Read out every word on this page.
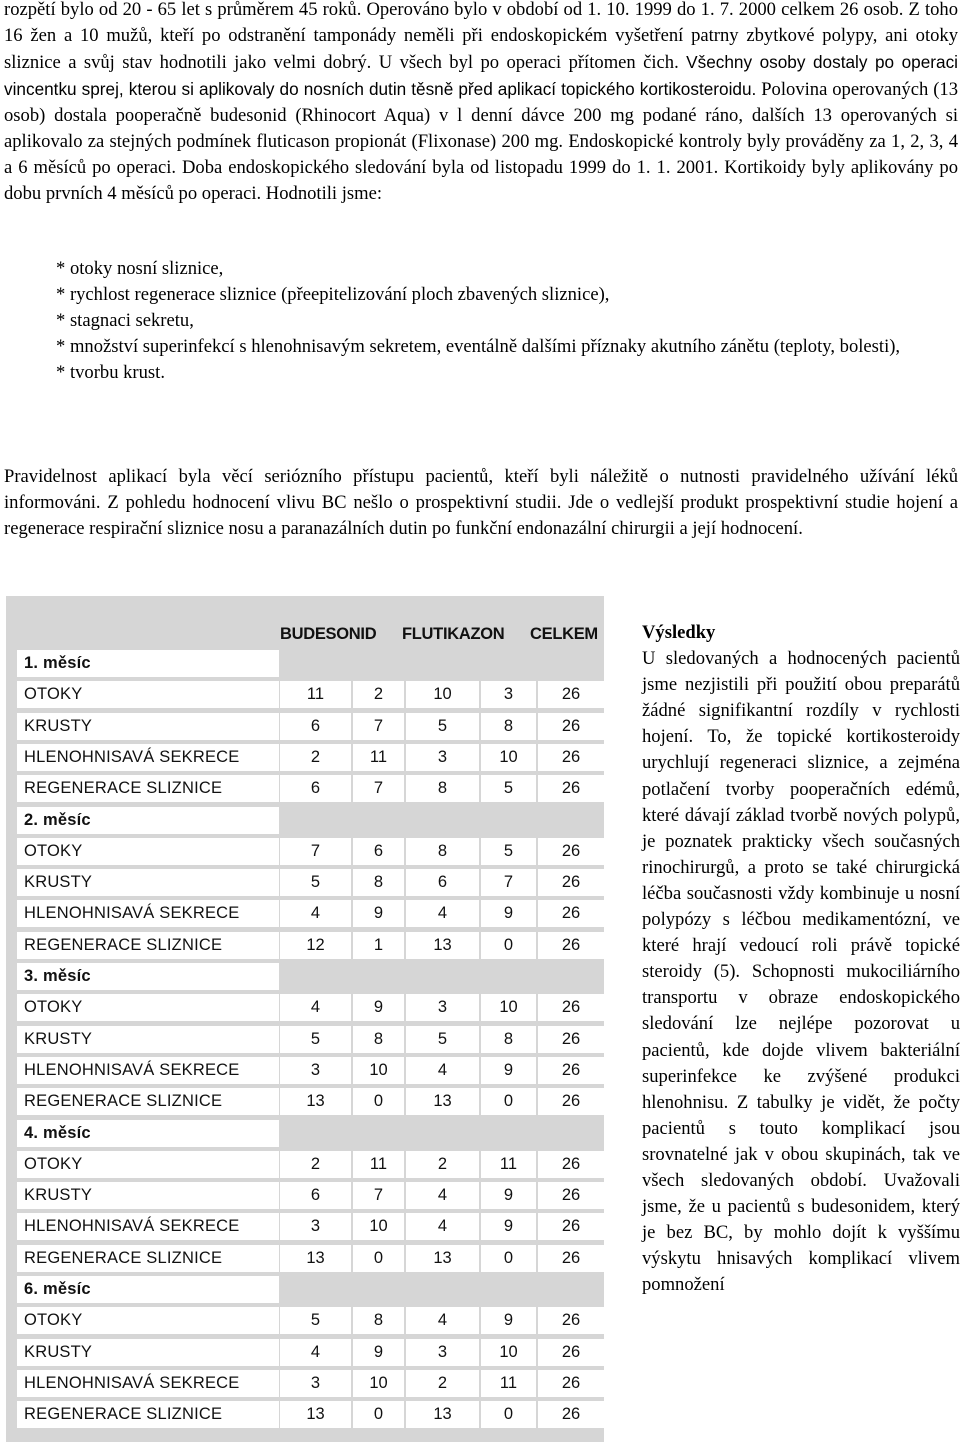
rozpětí bylo od 20 - 65 let s průměrem 45 roků. Operováno bylo v období od 1. 10. 1999 do 1. 7. 2000 celkem 26 osob. Z toho 16 žen a 10 mužů, kteří po odstranění tamponády neměli při endoskopickém vyšetření patrny zbytkové polypy, ani otoky sliznice a svůj stav hodnotili jako velmi dobrý. U všech byl po operaci přítomen čich. Všechny osoby dostaly po operaci vincentku sprej, kterou si aplikovaly do nosních dutin těsně před aplikací topického kortikosteroidu. Polovina operovaných (13 osob) dostala pooperačně budesonid (Rhinocort Aqua) v l denní dávce 200 mg podané ráno, dalších 13 operovaných si aplikovalo za stejných podmínek fluticason propionát (Flixonase) 200 mg. Endoskopické kontroly byly prováděny za 1, 2, 3, 4 a 6 měsíců po operaci. Doba endoskopického sledování byla od listopadu 1999 do 1. 1. 2001. Kortikoidy byly aplikovány po dobu prvních 4 měsíců po operaci. Hodnotili jsme:

* otoky nosní sliznice,
* rychlost regenerace sliznice (přeepitelizování ploch zbavených sliznice),
* stagnaci sekretu,
* množství superinfekcí s hlenohnisavým sekretem, eventálně dalšími příznaky akutního zánětu (teploty, bolesti),
* tvorbu krust.

Pravidelnost aplikací byla věcí seriózního přístupu pacientů, kteří byli náležitě o nutnosti pravidelného užívání léků informováni. Z pohledu hodnocení vlivu BC nešlo o prospektivní studii. Jde o vedlejší produkt prospektivní studie hojení a regenerace respirační sliznice nosu a paranazálních dutin po funkční endonazální chirurgii a její hodnocení.

BUDESONID FLUTIKAZON CELKEM
1. měsíc
OTOKY	11	2	10	3	26
KRUSTY	6	7	5	8	26
HLENOHNISAVÁ SEKRECE	2	11	3	10	26
REGENERACE SLIZNICE	6	7	8	5	26
2. měsíc
OTOKY	7	6	8	5	26
KRUSTY	5	8	6	7	26
HLENOHNISAVÁ SEKRECE	4	9	4	9	26
REGENERACE SLIZNICE	12	1	13	0	26
3. měsíc
OTOKY	4	9	3	10	26
KRUSTY	5	8	5	8	26
HLENOHNISAVÁ SEKRECE	3	10	4	9	26
REGENERACE SLIZNICE	13	0	13	0	26
4. měsíc
OTOKY	2	11	2	11	26
KRUSTY	6	7	4	9	26
HLENOHNISAVÁ SEKRECE	3	10	4	9	26
REGENERACE SLIZNICE	13	0	13	0	26
6. měsíc
OTOKY	5	8	4	9	26
KRUSTY	4	9	3	10	26
HLENOHNISAVÁ SEKRECE	3	10	2	11	26
REGENERACE SLIZNICE	13	0	13	0	26
Výsledky
U sledovaných a hodnocených pacientů jsme nezjistili při použití obou preparátů žádné signifikantní rozdíly v rychlosti hojení. To, že topické kortikosteroidy urychlují regeneraci sliznice, a zejména potlačení tvorby pooperačních edémů, které dávají základ tvorbě nových polypů, je poznatek prakticky všech současných rinochirurgů, a proto se také chirurgická léčba současnosti vždy kombinuje u nosní polypózy s léčbou medikamentózní, ve které hrají vedoucí roli právě topické steroidy (5). Schopnosti mukociliárního transportu v obraze endoskopického sledování lze nejlépe pozorovat u pacientů, kde dojde vlivem bakteriální superinfekce ke zvýšené produkci hlenohnisu. Z tabulky je vidět, že počty pacientů s touto komplikací jsou srovnatelné jak v obou skupinách, tak ve všech sledovaných období. Uvažovali jsme, že u pacientů s budesonidem, který je bez BC, by mohlo dojít k vyššímu výskytu hnisavých komplikací vlivem pomnožení
